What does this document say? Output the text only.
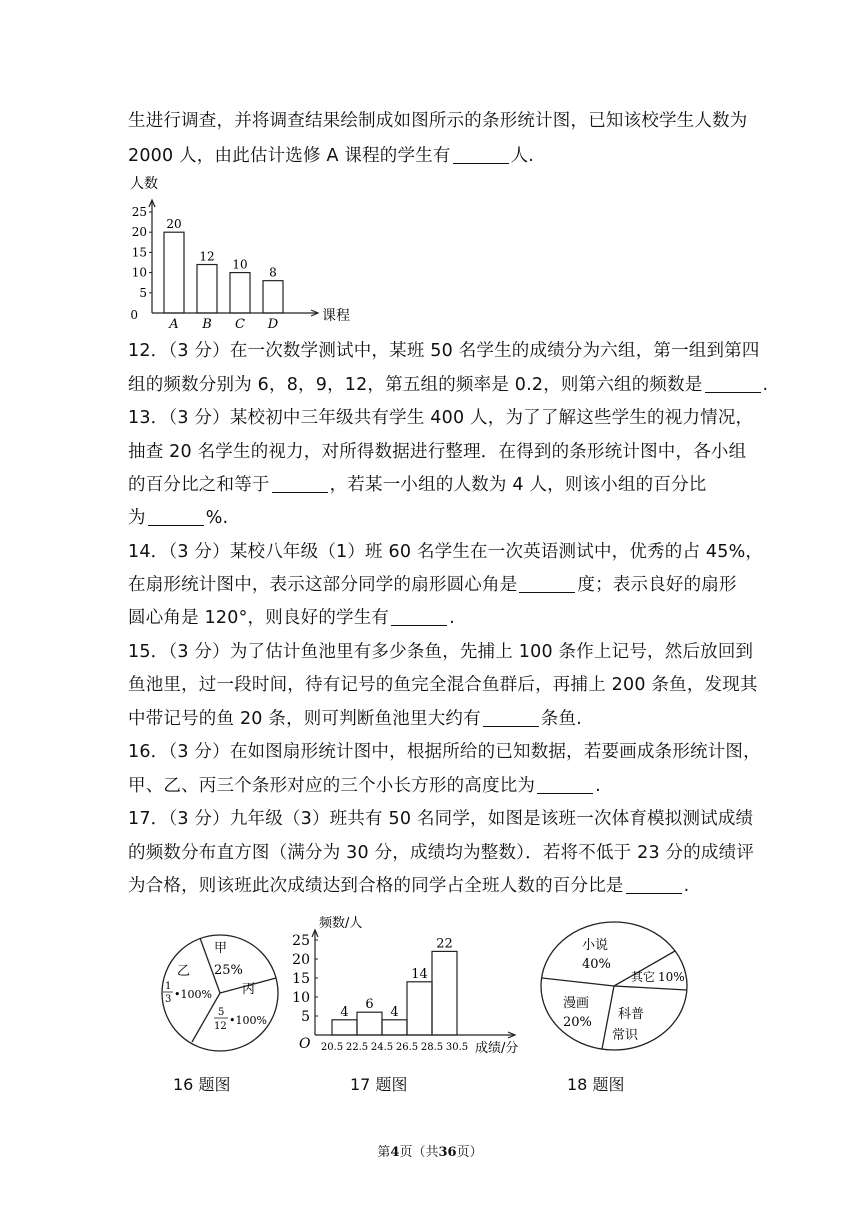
生进行调查，并将调查结果绘制成如图所示的条形统计图，已知该校学生人数为
2000 人，由此估计选修 A 课程的学生有	人.
12．（3 分）在一次数学测试中，某班 50 名学生的成绩分为六组，第一组到第四
组的频数分别为 6，8，9，12，第五组的频率是 0.2，则第六组的频数是	.
13．（3 分）某校初中三年级共有学生 400 人，为了了解这些学生的视力情况，
抽查 20 名学生的视力，对所得数据进行整理．在得到的条形统计图中，各小组
的百分比之和等于	，若某一小组的人数为 4 人，则该小组的百分比
为	%.
14．（3 分）某校八年级（1）班 60 名学生在一次英语测试中，优秀的占 45%，
在扇形统计图中，表示这部分同学的扇形圆心角是	度；表示良好的扇形
圆心角是 120°，则良好的学生有	.
15．（3 分）为了估计鱼池里有多少条鱼，先捕上 100 条作上记号，然后放回到
鱼池里，过一段时间，待有记号的鱼完全混合鱼群后，再捕上 200 条鱼，发现其
中带记号的鱼 20 条，则可判断鱼池里大约有	条鱼.
16．（3 分）在如图扇形统计图中，根据所给的已知数据，若要画成条形统计图，
甲、乙、丙三个条形对应的三个小长方形的高度比为	.
17．（3 分）九年级（3）班共有 50 名同学，如图是该班一次体育模拟测试成绩
的频数分布直方图（满分为 30 分，成绩均为整数）．若将不低于 23 分的成绩评
为合格，则该班此次成绩达到合格的同学占全班人数的百分比是	.
人数
0
5
10
15
20
25
20
A
12
B
10
C
8
D
课程
甲
25%
乙
1
3 •100% 丙
5
12 •100%
频数/人
5
10
15
20
25
20.5 22.5 24.5 26.5 28.5 30.5
4
6
4
14
22
O	成绩/分
小说
40%
其它 10%
科普
常识
漫画
20%
16 题图	17 题图	18 题图
第4页（共36页）
